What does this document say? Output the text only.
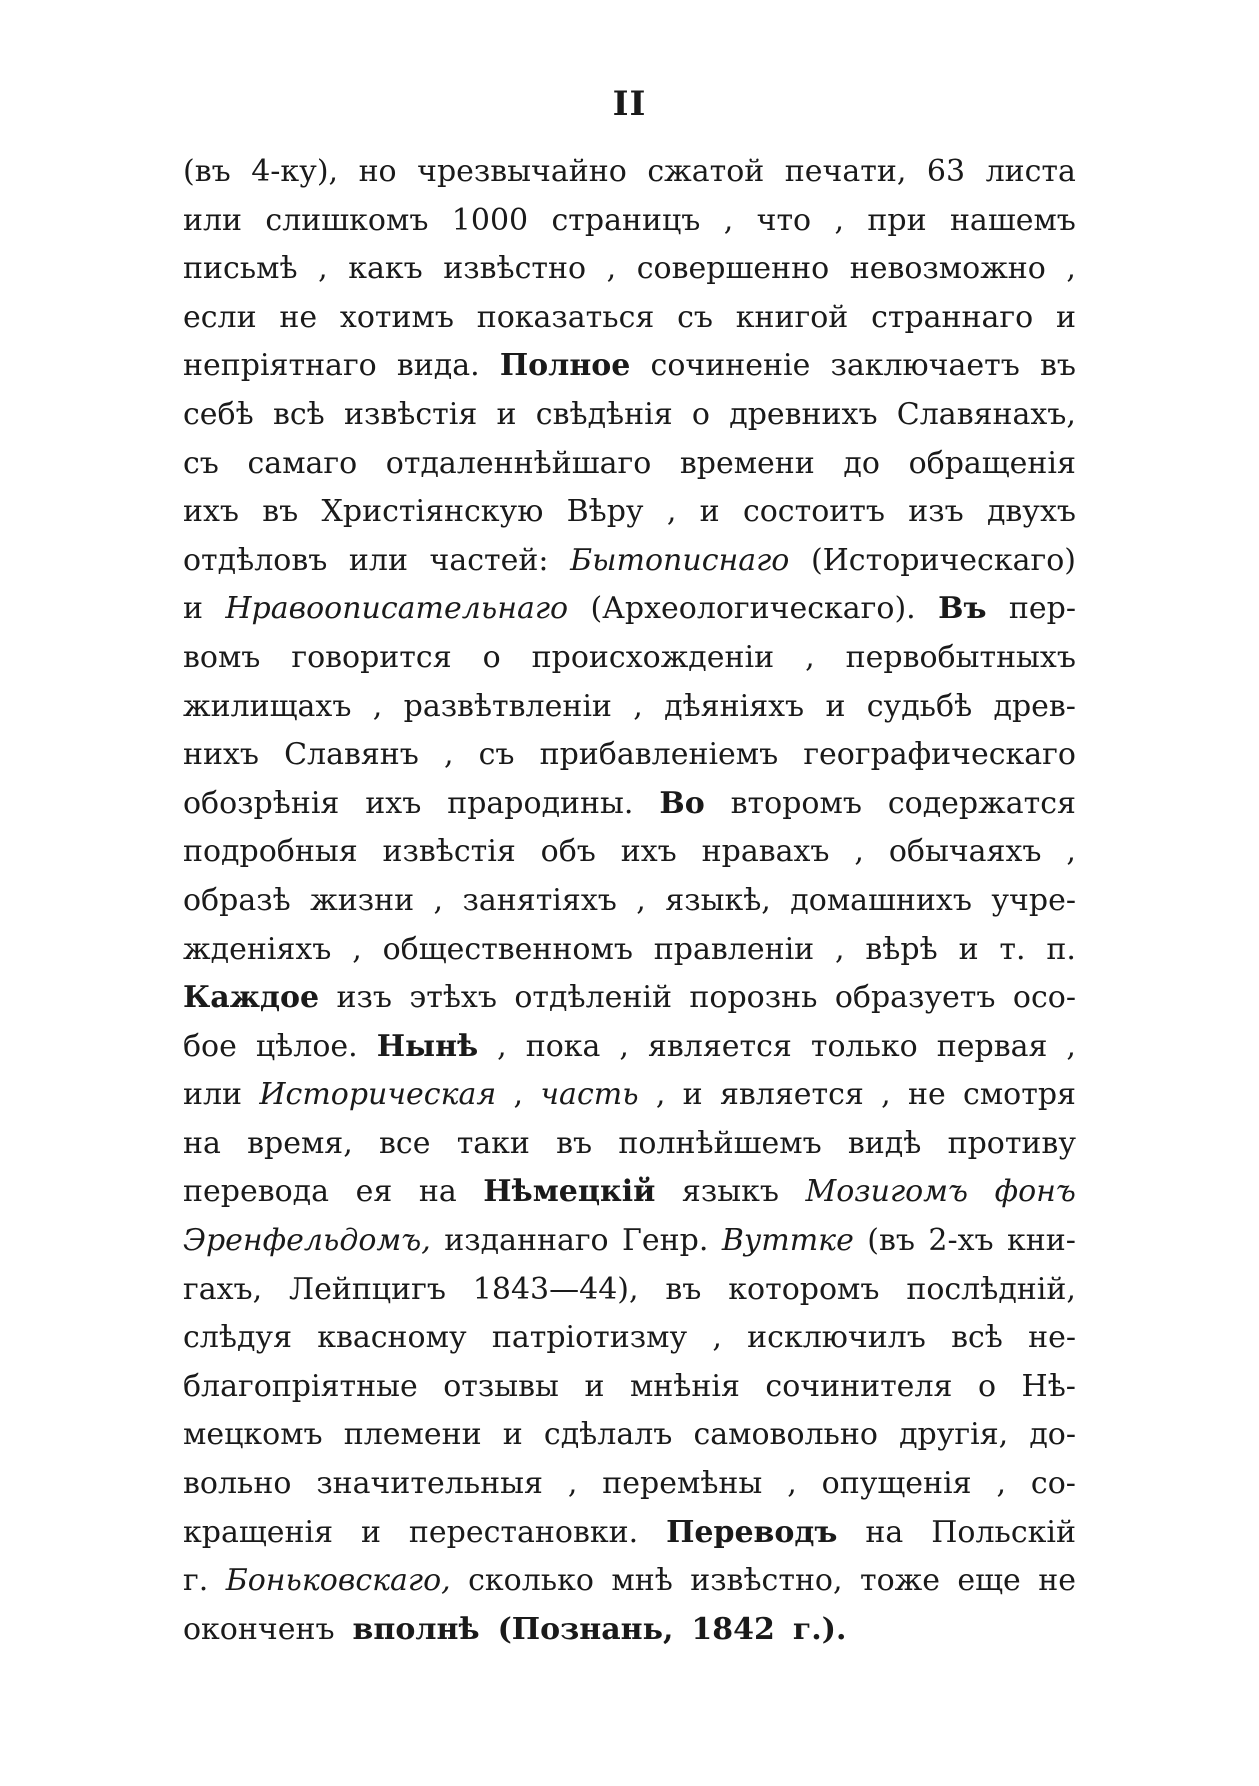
II
(въ 4-ку), но чрезвычайно сжатой печати, 63 листа
или слишкомъ 1000 страницъ , что , при нашемъ
письмѣ , какъ извѣстно , совершенно невозможно ,
если не хотимъ показаться съ книгой страннаго и
непріятнаго вида. Полное сочиненіе заключаетъ въ
себѣ всѣ извѣстія и свѣдѣнія о древнихъ Славянахъ,
съ самаго отдаленнѣйшаго времени до обращенія
ихъ въ Христіянскую Вѣру , и состоитъ изъ двухъ
отдѣловъ или частей: Бытописнаго (Историческаго)
и Нравоописательнаго (Археологическаго). Въ пер-
вомъ говорится о происхожденіи , первобытныхъ
жилищахъ , развѣтвленіи , дѣяніяхъ и судьбѣ древ-
нихъ Славянъ , съ прибавленіемъ географическаго
обозрѣнія ихъ прародины. Во второмъ содержатся
подробныя извѣстія объ ихъ нравахъ , обычаяхъ ,
образѣ жизни , занятіяхъ , языкѣ, домашнихъ учре-
жденіяхъ , общественномъ правленіи , вѣрѣ и т. п.
Каждое изъ этѣхъ отдѣленій порознь образуетъ осо-
бое цѣлое. Нынѣ , пока , является только первая ,
или Историческая , часть , и является , не смотря
на время, все таки въ полнѣйшемъ видѣ противу
перевода ея на Нѣмецкій языкъ Мозигомъ фонъ
Эренфельдомъ, изданнаго Генр. Вуттке (въ 2-хъ кни-
гахъ, Лейпцигъ 1843—44), въ которомъ послѣдній,
слѣдуя квасному патріотизму , исключилъ всѣ не-
благопріятные отзывы и мнѣнія сочинителя о Нѣ-
мецкомъ племени и сдѣлалъ самовольно другія, до-
вольно значительныя , перемѣны , опущенія , со-
кращенія и перестановки. Переводъ на Польскій
г. Боньковскаго, сколько мнѣ извѣстно, тоже еще не
оконченъ вполнѣ (Познань, 1842 г.).
